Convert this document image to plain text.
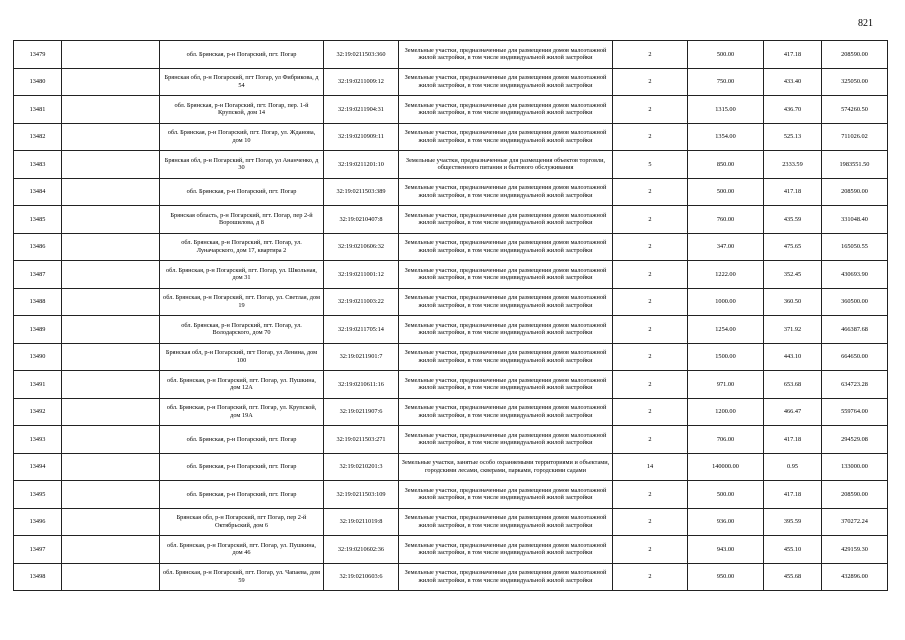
821
13479		обл. Брянская, р-н Погарский, пгт. Погар	32:19:0211503:360	Земельные участки, предназначенные для размещения домов малоэтажной жилой застройки, в том числе индивидуальной жилой застройки	2	500.00	417.18	208590.00
13480		Брянская обл, р-н Погарский, пгт Погар, ул Фибрикова, д 54	32:19:0211009:12	Земельные участки, предназначенные для размещения домов малоэтажной жилой застройки, в том числе индивидуальной жилой застройки	2	750.00	433.40	325050.00
13481		обл. Брянская, р-н Погарский, пгт. Погар, пер. 1-й Крупской, дом 14	32:19:0211904:31	Земельные участки, предназначенные для размещения домов малоэтажной жилой застройки, в том числе индивидуальной жилой застройки	2	1315.00	436.70	574260.50
13482		обл. Брянская, р-н Погарский, пгт. Погар, ул. Жданова, дом 10	32:19:0210909:11	Земельные участки, предназначенные для размещения домов малоэтажной жилой застройки, в том числе индивидуальной жилой застройки	2	1354.00	525.13	711026.02
13483		Брянская обл, р-н Погарский, пгт Погар, ул Ананченко, д 30	32:19:0211201:10	Земельные участки, предназначенные для размещения объектов торговли, общественного питания и бытового обслуживания	5	850.00	2333.59	1983551.50
13484		обл. Брянская, р-н Погарский, пгт. Погар	32:19:0211503:389	Земельные участки, предназначенные для размещения домов малоэтажной жилой застройки, в том числе индивидуальной жилой застройки	2	500.00	417.18	208590.00
13485		Брянская область, р-н Погарский, пгт. Погар, пер 2-й Ворошилова, д 8	32:19:0210407:8	Земельные участки, предназначенные для размещения домов малоэтажной жилой застройки, в том числе индивидуальной жилой застройки	2	760.00	435.59	331048.40
13486		обл. Брянская, р-н Погарский, пгт. Погар, ул. Луначарского, дом 17, квартира 2	32:19:0210606:32	Земельные участки, предназначенные для размещения домов малоэтажной жилой застройки, в том числе индивидуальной жилой застройки	2	347.00	475.65	165050.55
13487		обл. Брянская, р-н Погарский, пгт. Погар, ул. Школьная, дом 31	32:19:0211001:12	Земельные участки, предназначенные для размещения домов малоэтажной жилой застройки, в том числе индивидуальной жилой застройки	2	1222.00	352.45	430693.90
13488		обл. Брянская, р-н Погарский, пгт. Погар, ул. Светлая, дом 19	32:19:0211003:22	Земельные участки, предназначенные для размещения домов малоэтажной жилой застройки, в том числе индивидуальной жилой застройки	2	1000.00	360.50	360500.00
13489		обл. Брянская, р-н Погарский, пгт. Погар, ул. Володарского, дом 70	32:19:0211705:14	Земельные участки, предназначенные для размещения домов малоэтажной жилой застройки, в том числе индивидуальной жилой застройки	2	1254.00	371.92	466387.68
13490		Брянская обл, р-н Погарский, пгт Погар, ул Ленина, дом 100	32:19:0211901:7	Земельные участки, предназначенные для размещения домов малоэтажной жилой застройки, в том числе индивидуальной жилой застройки	2	1500.00	443.10	664650.00
13491		обл. Брянская, р-н Погарский, пгт. Погар, ул. Пушкина, дом 12А	32:19:0210611:16	Земельные участки, предназначенные для размещения домов малоэтажной жилой застройки, в том числе индивидуальной жилой застройки	2	971.00	653.68	634723.28
13492		обл. Брянская, р-н Погарский, пгт. Погар, ул. Крупской, дом 19А	32:19:0211907:6	Земельные участки, предназначенные для размещения домов малоэтажной жилой застройки, в том числе индивидуальной жилой застройки	2	1200.00	466.47	559764.00
13493		обл. Брянская, р-н Погарский, пгт. Погар	32:19:0211503:271	Земельные участки, предназначенные для размещения домов малоэтажной жилой застройки, в том числе индивидуальной жилой застройки	2	706.00	417.18	294529.08
13494		обл. Брянская, р-н Погарский, пгт. Погар	32:19:0210201:3	Земельные участки, занятые особо охраняемыми территориями и объектами, городскими лесами, скверами, парками, городскими садами	14	140000.00	0.95	133000.00
13495		обл. Брянская, р-н Погарский, пгт. Погар	32:19:0211503:109	Земельные участки, предназначенные для размещения домов малоэтажной жилой застройки, в том числе индивидуальной жилой застройки	2	500.00	417.18	208590.00
13496		Брянская обл, р-н Погарский, пгт Погар, пер 2-й Октябрьский, дом 6	32:19:0211019:8	Земельные участки, предназначенные для размещения домов малоэтажной жилой застройки, в том числе индивидуальной жилой застройки	2	936.00	395.59	370272.24
13497		обл. Брянская, р-н Погарский, пгт. Погар, ул. Пушкина, дом 46	32:19:0210602:36	Земельные участки, предназначенные для размещения домов малоэтажной жилой застройки, в том числе индивидуальной жилой застройки	2	943.00	455.10	429159.30
13498		обл. Брянская, р-н Погарский, пгт. Погар, ул. Чапаева, дом 59	32:19:0210603:6	Земельные участки, предназначенные для размещения домов малоэтажной жилой застройки, в том числе индивидуальной жилой застройки	2	950.00	455.68	432896.00
